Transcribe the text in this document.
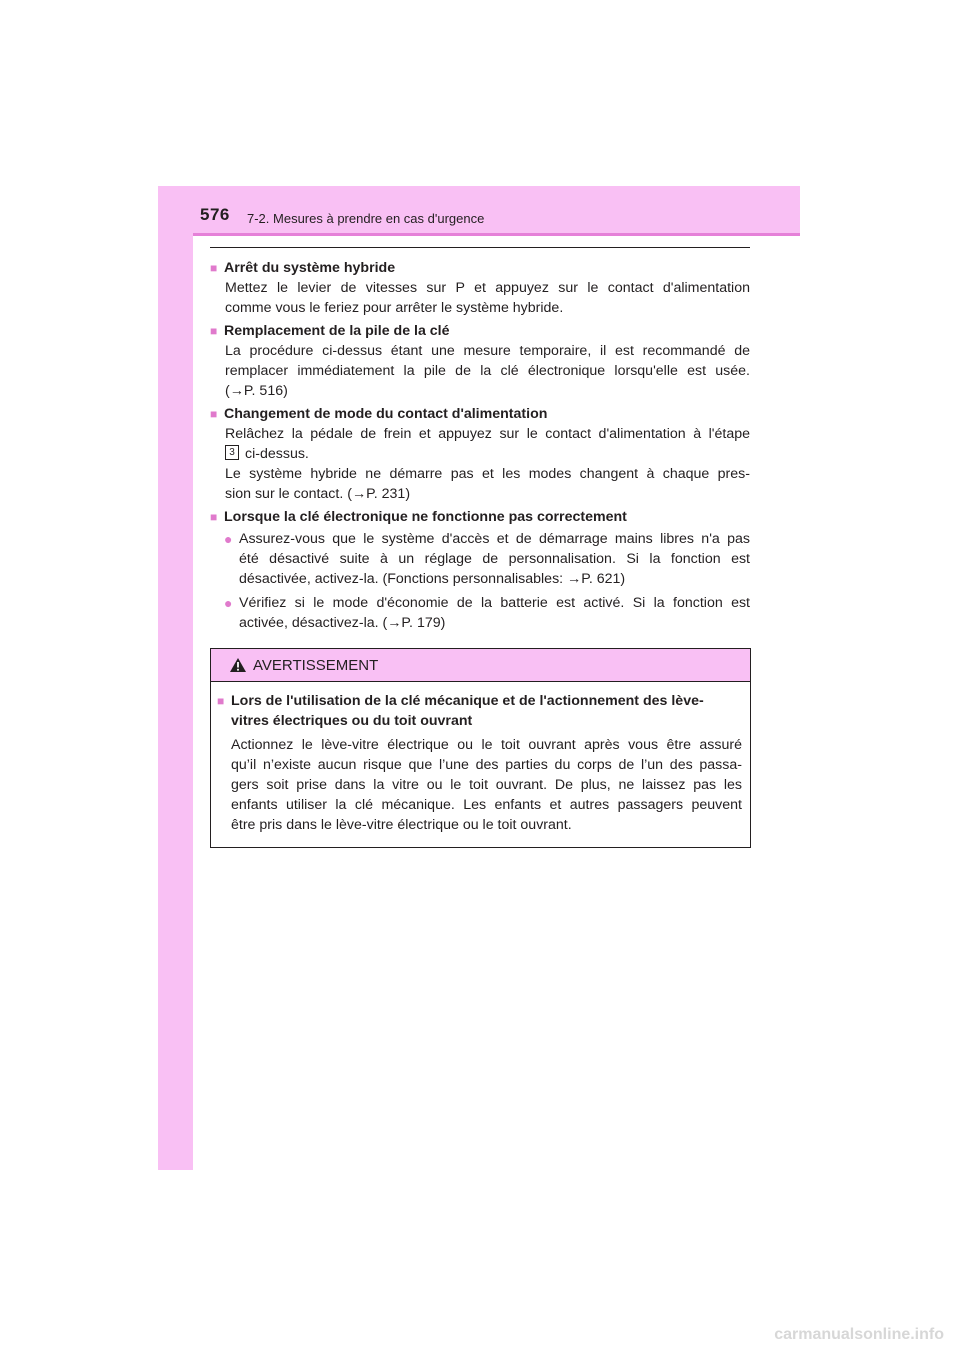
576 7-2. Mesures à prendre en cas d'urgence
■ Arrêt du système hybride
Mettez le levier de vitesses sur P et appuyez sur le contact d'alimentation
comme vous le feriez pour arrêter le système hybride.
■ Remplacement de la pile de la clé
La procédure ci-dessus étant une mesure temporaire, il est recommandé de
remplacer immédiatement la pile de la clé électronique lorsqu'elle est usée.
(→P. 516)
■ Changement de mode du contact d'alimentation
Relâchez la pédale de frein et appuyez sur le contact d'alimentation à l'étape
3 ci-dessus.
Le système hybride ne démarre pas et les modes changent à chaque pres-
sion sur le contact. (→P. 231)
■ Lorsque la clé électronique ne fonctionne pas correctement
● Assurez-vous que le système d'accès et de démarrage mains libres n'a pas
été désactivé suite à un réglage de personnalisation. Si la fonction est
désactivée, activez-la. (Fonctions personnalisables: →P. 621)
● Vérifiez si le mode d'économie de la batterie est activé. Si la fonction est
activée, désactivez-la. (→P. 179)
AVERTISSEMENT
■ Lors de l'utilisation de la clé mécanique et de l'actionnement des lève-
vitres électriques ou du toit ouvrant
Actionnez le lève-vitre électrique ou le toit ouvrant après vous être assuré
qu’il n’existe aucun risque que l’une des parties du corps de l’un des passa-
gers soit prise dans la vitre ou le toit ouvrant. De plus, ne laissez pas les
enfants utiliser la clé mécanique. Les enfants et autres passagers peuvent
être pris dans le lève-vitre électrique ou le toit ouvrant.
carmanualsonline.info
